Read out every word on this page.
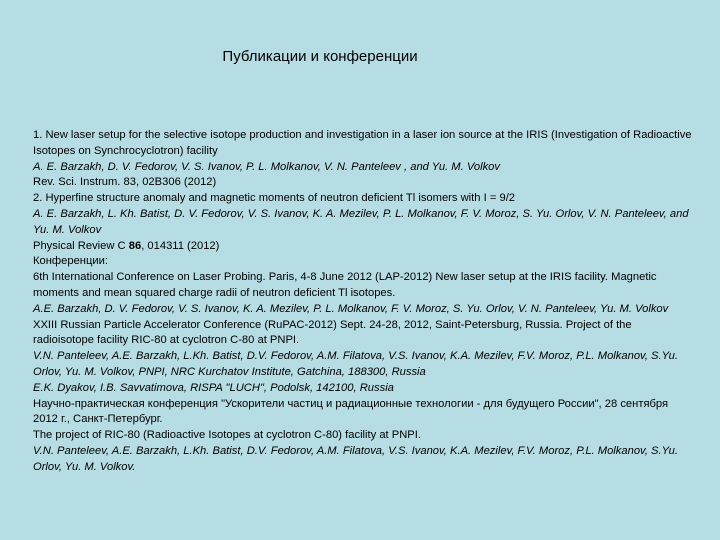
Публикации и конференции

1. New laser setup for the selective isotope production and investigation in a laser ion source at the IRIS (Investigation of Radioactive Isotopes on Synchrocyclotron) facility

A. E. Barzakh, D. V. Fedorov, V. S. Ivanov, P. L. Molkanov, V. N. Panteleev , and Yu. M. Volkov

Rev. Sci. Instrum. 83, 02B306 (2012)

2. Hyperfine structure anomaly and magnetic moments of neutron deficient Tl isomers with I = 9/2

A. E. Barzakh, L. Kh. Batist, D. V. Fedorov, V. S. Ivanov, K. A. Mezilev, P. L. Molkanov, F. V. Moroz, S. Yu. Orlov, V. N. Panteleev, and Yu. M. Volkov

Physical Review C 86, 014311 (2012)

Конференции:

6th International Conference on Laser Probing. Paris, 4-8 June 2012 (LAP-2012) New laser setup at the IRIS facility. Magnetic moments and mean squared charge radii of neutron deficient Tl isotopes.

A.E. Barzakh, D. V. Fedorov, V. S. Ivanov, K. A. Mezilev, P. L. Molkanov, F. V. Moroz, S. Yu. Orlov, V. N. Panteleev, Yu. M. Volkov

XXIII Russian Particle Accelerator Conference (RuPAC-2012) Sept. 24-28, 2012, Saint-Petersburg, Russia. Project of the radioisotope facility RIC-80 at cyclotron C-80 at PNPI.

V.N. Panteleev, A.E. Barzakh, L.Kh. Batist, D.V. Fedorov, A.M. Filatova, V.S. Ivanov, K.A. Mezilev, F.V. Moroz, P.L. Molkanov, S.Yu. Orlov, Yu. M. Volkov, PNPI, NRC Kurchatov Institute, Gatchina, 188300, Russia

E.K. Dyakov, I.B. Savvatimova, RISPA "LUCH", Podolsk, 142100, Russia

Научно-практическая конференция "Ускорители частиц и радиационные технологии - для будущего России", 28 сентября 2012 г., Санкт-Петербург.

The project of RIC-80 (Radioactive Isotopes at cyclotron C-80) facility at PNPI.

V.N. Panteleev, A.E. Barzakh, L.Kh. Batist, D.V. Fedorov, A.M. Filatova, V.S. Ivanov, K.A. Mezilev, F.V. Moroz, P.L. Molkanov, S.Yu. Orlov, Yu. M. Volkov.
